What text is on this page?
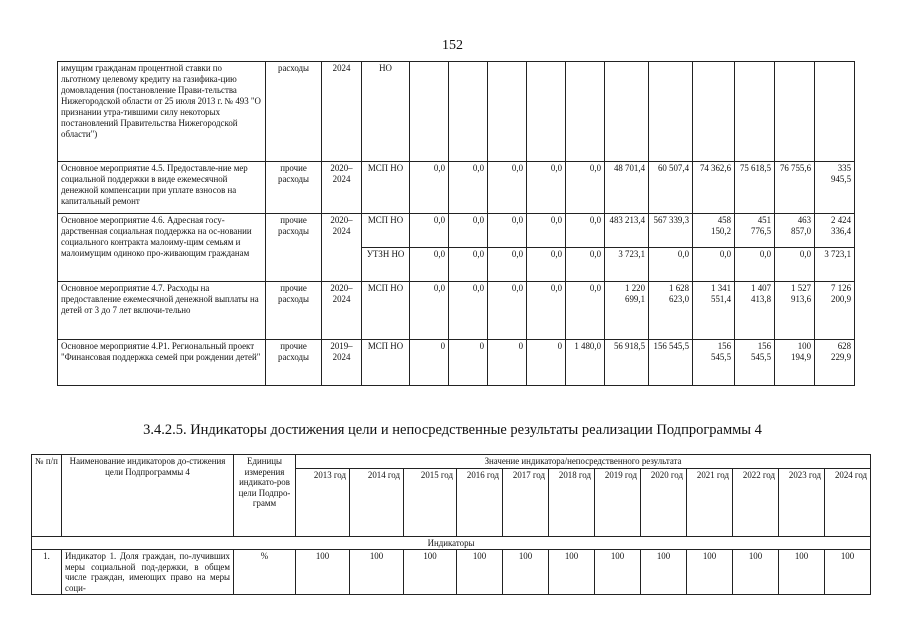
152
имущим гражданам процентной ставки по льготному целевому кредиту на газифика-цию домовладения (постановление Прави-тельства Нижегородской области от 25 июля 2013 г. № 493 "О признании утра-тившими силу некоторых постановлений Правительства Нижегородской области")	расходы	2024	НО											
Основное мероприятие 4.5. Предоставле-ние мер социальной поддержки в виде ежемесячной денежной компенсации при уплате взносов на капитальный ремонт	прочие расходы	2020–2024	МСП НО	0,0	0,0	0,0	0,0	0,0	48 701,4	60 507,4	74 362,6	75 618,5	76 755,6	335 945,5
Основное мероприятие 4.6. Адресная госу-дарственная социальная поддержка на ос-новании социального контракта малоиму-щим семьям и малоимущим одиноко про-живающим гражданам	прочие расходы	2020–2024	МСП НО	0,0	0,0	0,0	0,0	0,0	483 213,4	567 339,3	458 150,2	451 776,5	463 857,0	2 424 336,4
			УТЗН НО	0,0	0,0	0,0	0,0	0,0	3 723,1	0,0	0,0	0,0	0,0	3 723,1
Основное мероприятие 4.7. Расходы на предоставление ежемесячной денежной выплаты на детей от 3 до 7 лет включи-тельно	прочие расходы	2020–2024	МСП НО	0,0	0,0	0,0	0,0	0,0	1 220 699,1	1 628 623,0	1 341 551,4	1 407 413,8	1 527 913,6	7 126 200,9
Основное мероприятие 4.Р1. Региональный проект "Финансовая поддержка семей при рождении детей"	прочие расходы	2019–2024	МСП НО	0	0	0	0	1 480,0	56 918,5	156 545,5	156 545,5	156 545,5	100 194,9	628 229,9
3.4.2.5. Индикаторы достижения цели и непосредственные результаты реализации Подпрограммы 4
№ п/п	Наименование индикаторов до-стижения цели Подпрограммы 4	Единицы измерения индикато-ров цели Подпро-грамм	Значение индикатора/непосредственного результата											
			2013 год	2014 год	2015 год	2016 год	2017 год	2018 год	2019 год	2020 год	2021 год	2022 год	2023 год	2024 год
Индикаторы														
1.	Индикатор 1. Доля граждан, по-лучивших меры социальной под-держки, в общем числе граждан, имеющих право на меры соци-	%	100	100	100	100	100	100	100	100	100	100	100	100
